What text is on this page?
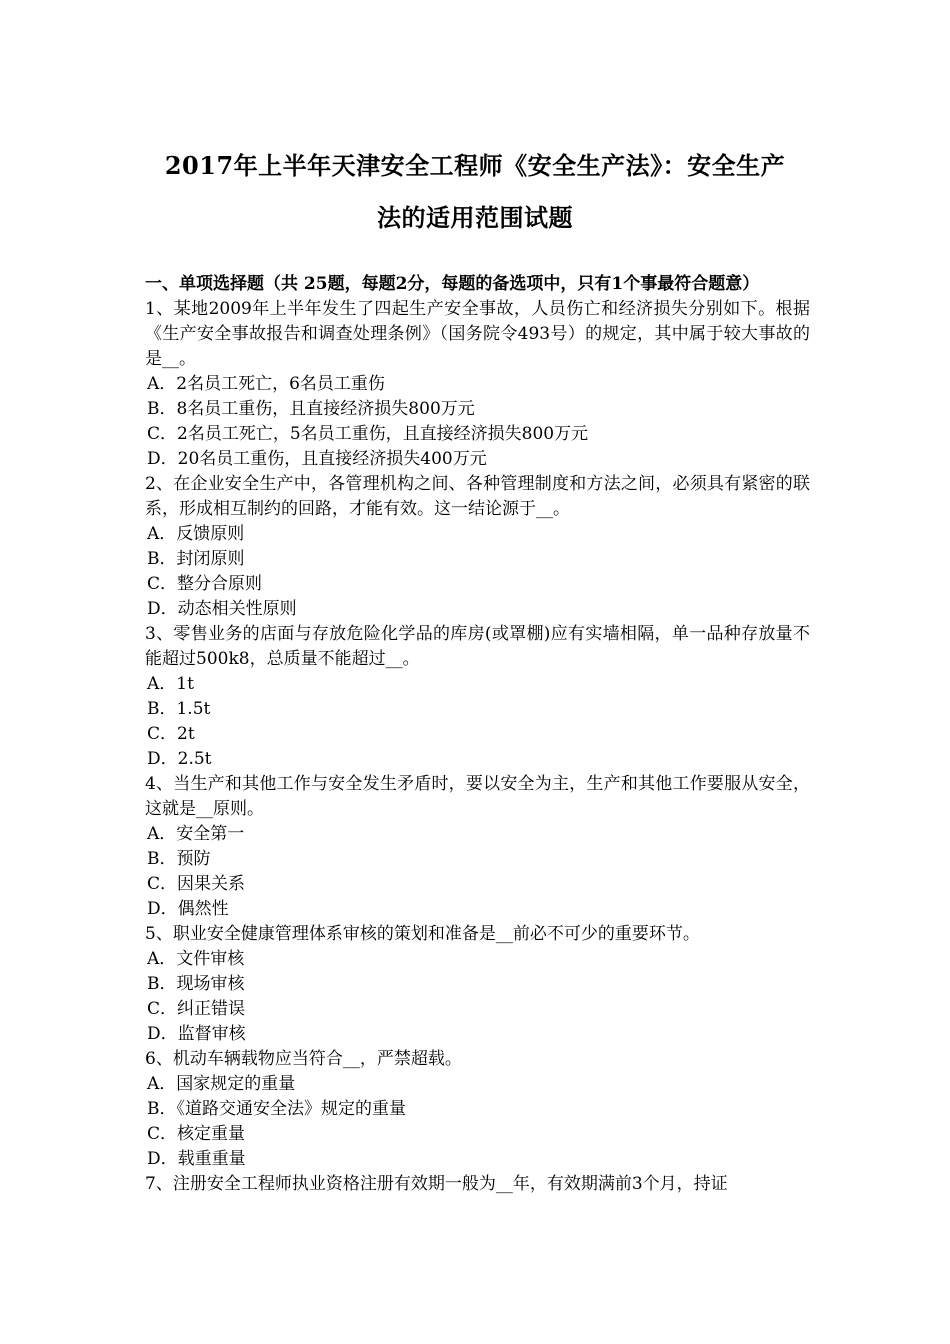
2017年上半年天津安全工程师《安全生产法》：安全生产
法的适用范围试题
一、单项选择题（共 25题，每题2分，每题的备选项中，只有1个事最符合题意）
1、某地2009年上半年发生了四起生产安全事故，人员伤亡和经济损失分别如下。根据《生产安全事故报告和调查处理条例》（国务院令493号）的规定，其中属于较大事故的是__。
A．2名员工死亡，6名员工重伤
B．8名员工重伤，且直接经济损失800万元
C．2名员工死亡，5名员工重伤，且直接经济损失800万元
D．20名员工重伤，且直接经济损失400万元
2、在企业安全生产中，各管理机构之间、各种管理制度和方法之间，必须具有紧密的联系，形成相互制约的回路，才能有效。这一结论源于__。
A．反馈原则
B．封闭原则
C．整分合原则
D．动态相关性原则
3、零售业务的店面与存放危险化学品的库房(或罩棚)应有实墙相隔，单一品种存放量不能超过500k8，总质量不能超过__。
A．1t
B．1.5t
C．2t
D．2.5t
4、当生产和其他工作与安全发生矛盾时，要以安全为主，生产和其他工作要服从安全，这就是__原则。
A．安全第一
B．预防
C．因果关系
D．偶然性
5、职业安全健康管理体系审核的策划和准备是__前必不可少的重要环节。
A．文件审核
B．现场审核
C．纠正错误
D．监督审核
6、机动车辆载物应当符合__，严禁超载。
A．国家规定的重量
B．《道路交通安全法》规定的重量
C．核定重量
D．载重重量
7、注册安全工程师执业资格注册有效期一般为__年，有效期满前3个月，持证
